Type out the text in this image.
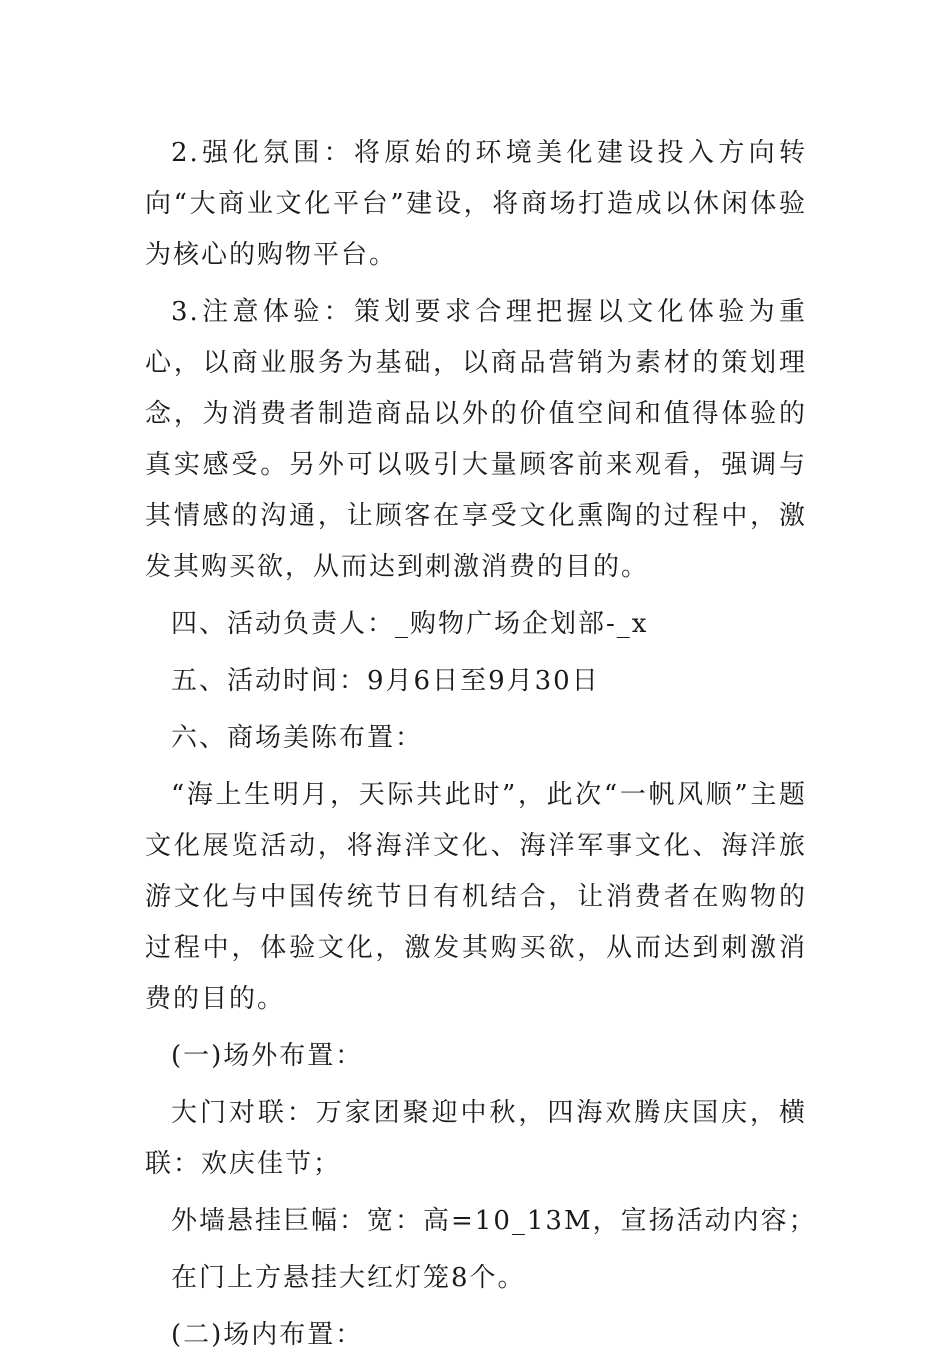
2.强化氛围：将原始的环境美化建设投入方向转向“大商业文化平台”建设，将商场打造成以休闲体验为核心的购物平台。

3.注意体验：策划要求合理把握以文化体验为重心，以商业服务为基础，以商品营销为素材的策划理念，为消费者制造商品以外的价值空间和值得体验的真实感受。另外可以吸引大量顾客前来观看，强调与其情感的沟通，让顾客在享受文化熏陶的过程中，激发其购买欲，从而达到刺激消费的目的。

四、活动负责人：_购物广场企划部-_x

五、活动时间：9月6日至9月30日

六、商场美陈布置：

“海上生明月，天际共此时”，此次“一帆风顺”主题文化展览活动，将海洋文化、海洋军事文化、海洋旅游文化与中国传统节日有机结合，让消费者在购物的过程中，体验文化，激发其购买欲，从而达到刺激消费的目的。

(一)场外布置：

大门对联：万家团聚迎中秋，四海欢腾庆国庆，横联：欢庆佳节；

外墙悬挂巨幅：宽：高=10_13M，宣扬活动内容；

在门上方悬挂大红灯笼8个。

(二)场内布置：
